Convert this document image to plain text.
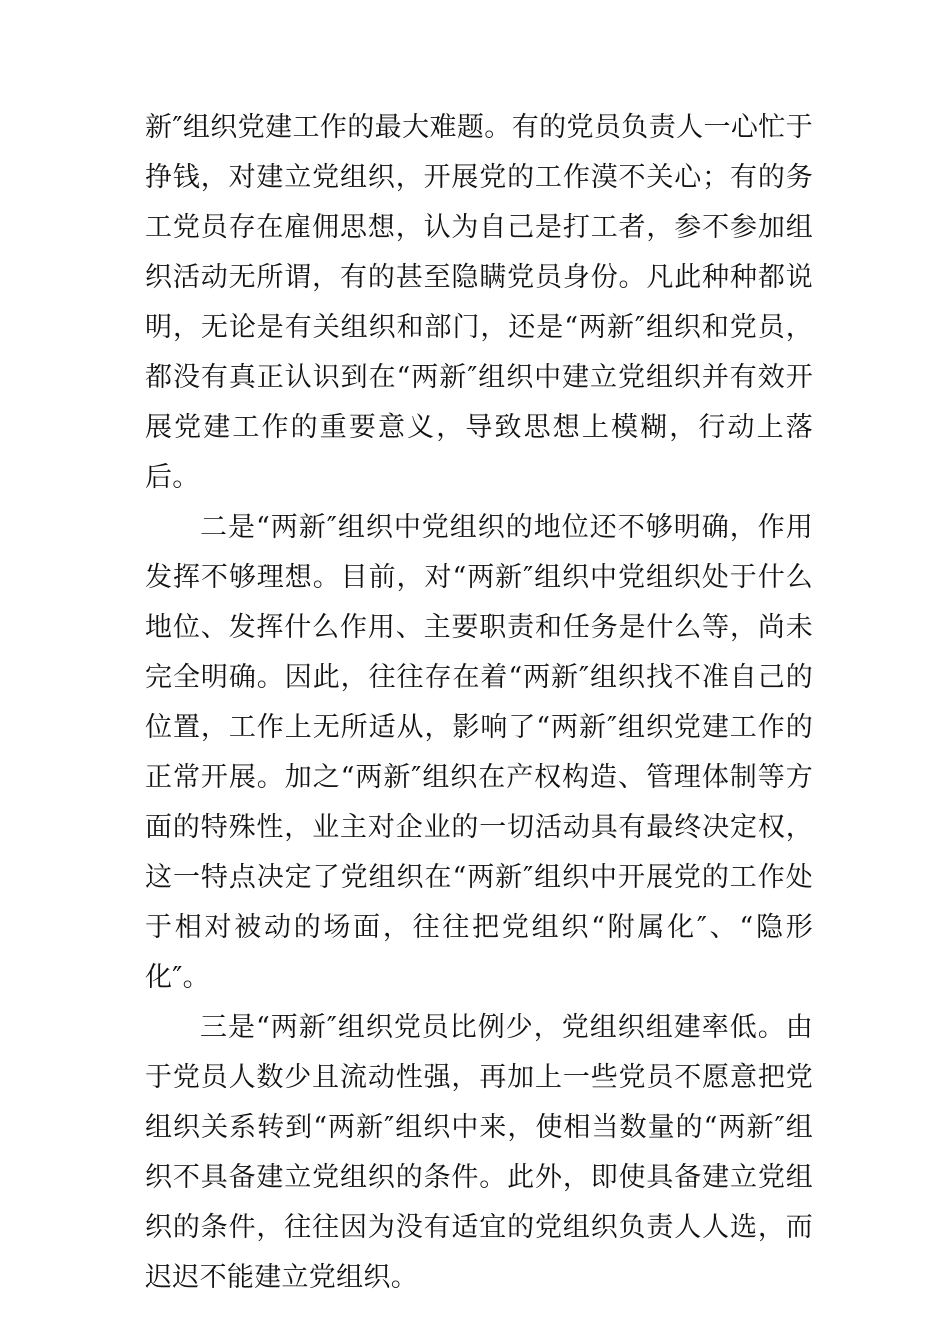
新″组织党建工作的最大难题。有的党员负责人一心忙于挣钱，对建立党组织，开展党的工作漠不关心；有的务工党员存在雇佣思想，认为自己是打工者，参不参加组织活动无所谓，有的甚至隐瞒党员身份。凡此种种都说明，无论是有关组织和部门，还是“两新″组织和党员，都没有真正认识到在“两新″组织中建立党组织并有效开展党建工作的重要意义，导致思想上模糊，行动上落后。

二是“两新″组织中党组织的地位还不够明确，作用发挥不够理想。目前，对“两新″组织中党组织处于什么地位、发挥什么作用、主要职责和任务是什么等，尚未完全明确。因此，往往存在着“两新″组织找不准自己的位置，工作上无所适从，影响了“两新″组织党建工作的正常开展。加之“两新″组织在产权构造、管理体制等方面的特殊性，业主对企业的一切活动具有最终决定权，这一特点决定了党组织在“两新″组织中开展党的工作处于相对被动的场面，往往把党组织“附属化″、“隐形化″。

三是“两新″组织党员比例少，党组织组建率低。由于党员人数少且流动性强，再加上一些党员不愿意把党组织关系转到“两新″组织中来，使相当数量的“两新″组织不具备建立党组织的条件。此外，即使具备建立党组织的条件，往往因为没有适宜的党组织负责人人选，而迟迟不能建立党组织。
